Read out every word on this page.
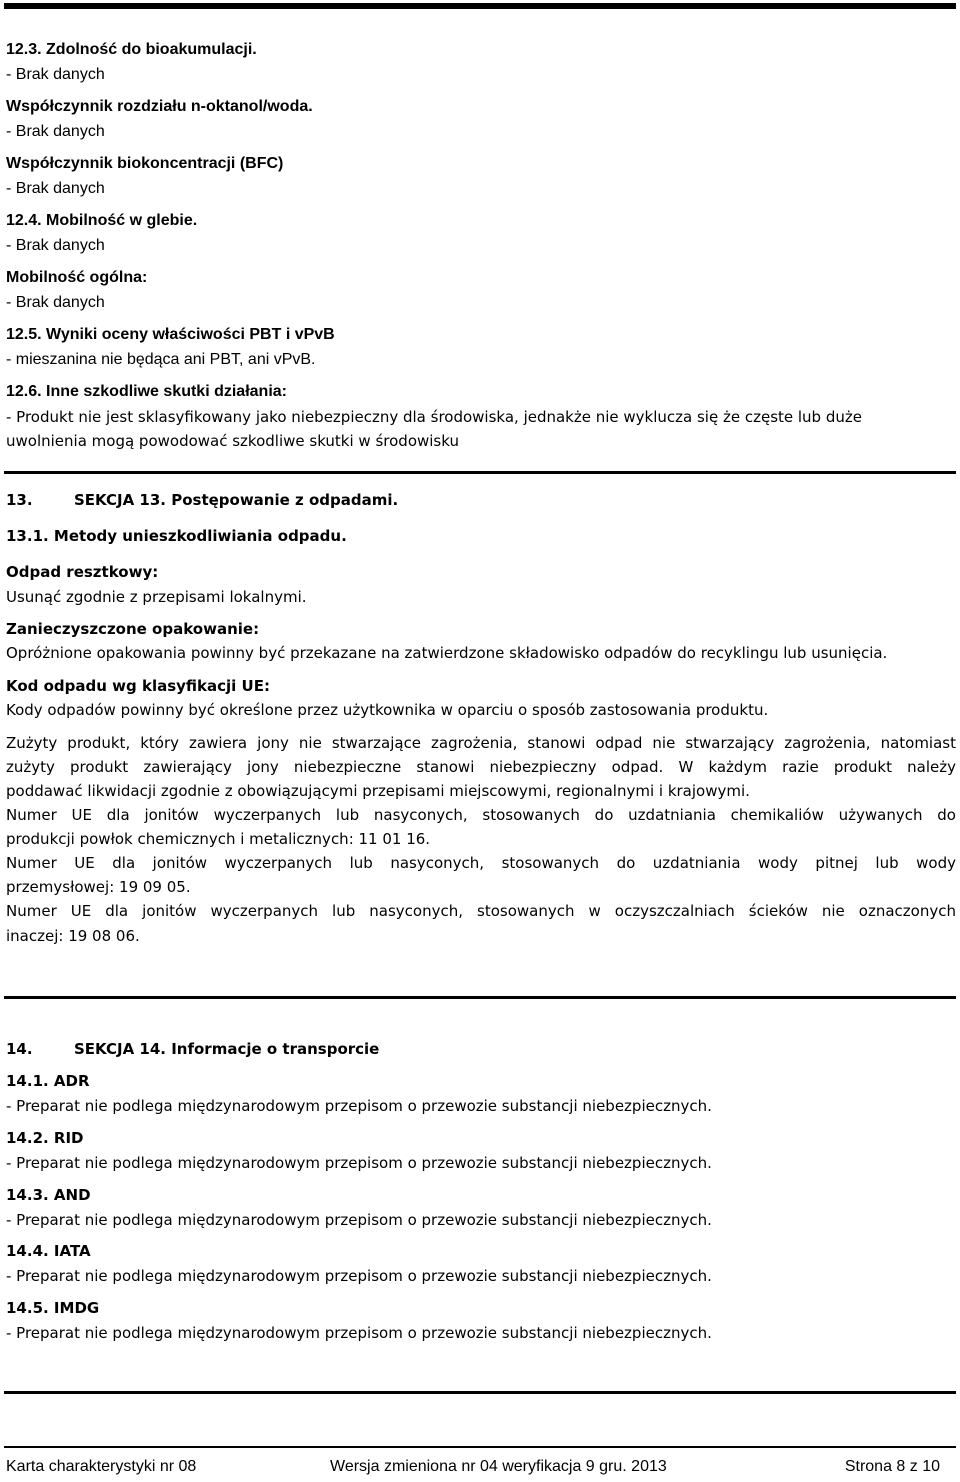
12.3. Zdolność do bioakumulacji.

- Brak danych

Współczynnik rozdziału n-oktanol/woda.

- Brak danych

Współczynnik biokoncentracji (BFC)

- Brak danych

12.4. Mobilność w glebie.

- Brak danych

Mobilność ogólna:

- Brak danych

12.5. Wyniki oceny właściwości PBT i vPvB

- mieszanina nie będąca ani PBT, ani vPvB.

12.6. Inne szkodliwe skutki działania:

- Produkt nie jest sklasyfikowany jako niebezpieczny dla środowiska, jednakże nie wyklucza się że częste lub duże

uwolnienia mogą powodować szkodliwe skutki w środowisku

13.	SEKCJA 13. Postępowanie z odpadami.

13.1. Metody unieszkodliwiania odpadu.

Odpad resztkowy:

Usunąć zgodnie z przepisami lokalnymi.

Zanieczyszczone opakowanie:

Opróżnione opakowania powinny być przekazane na zatwierdzone składowisko odpadów do recyklingu lub usunięcia.

Kod odpadu wg klasyfikacji UE:

Kody odpadów powinny być określone przez użytkownika w oparciu o sposób zastosowania produktu.

Zużyty produkt, który zawiera jony nie stwarzające zagrożenia, stanowi odpad nie stwarzający zagrożenia, natomiast

zużyty produkt zawierający jony niebezpieczne stanowi niebezpieczny odpad. W każdym razie produkt należy

poddawać likwidacji zgodnie z obowiązującymi przepisami miejscowymi, regionalnymi i krajowymi.

Numer UE dla jonitów wyczerpanych lub nasyconych, stosowanych do uzdatniania chemikaliów używanych do

produkcji powłok chemicznych i metalicznych: 11 01 16.

Numer UE dla jonitów wyczerpanych lub nasyconych, stosowanych do uzdatniania wody pitnej lub wody

przemysłowej: 19 09 05.

Numer UE dla jonitów wyczerpanych lub nasyconych, stosowanych w oczyszczalniach ścieków nie oznaczonych

inaczej: 19 08 06.

14.	SEKCJA 14. Informacje o transporcie

14.1. ADR

- Preparat nie podlega międzynarodowym przepisom o przewozie substancji niebezpiecznych.

14.2. RID

- Preparat nie podlega międzynarodowym przepisom o przewozie substancji niebezpiecznych.

14.3. AND

- Preparat nie podlega międzynarodowym przepisom o przewozie substancji niebezpiecznych.

14.4. IATA

- Preparat nie podlega międzynarodowym przepisom o przewozie substancji niebezpiecznych.

14.5. IMDG

- Preparat nie podlega międzynarodowym przepisom o przewozie substancji niebezpiecznych.

Karta charakterystyki nr 08	Wersja zmieniona nr 04 weryfikacja 9 gru. 2013	Strona 8 z 10
